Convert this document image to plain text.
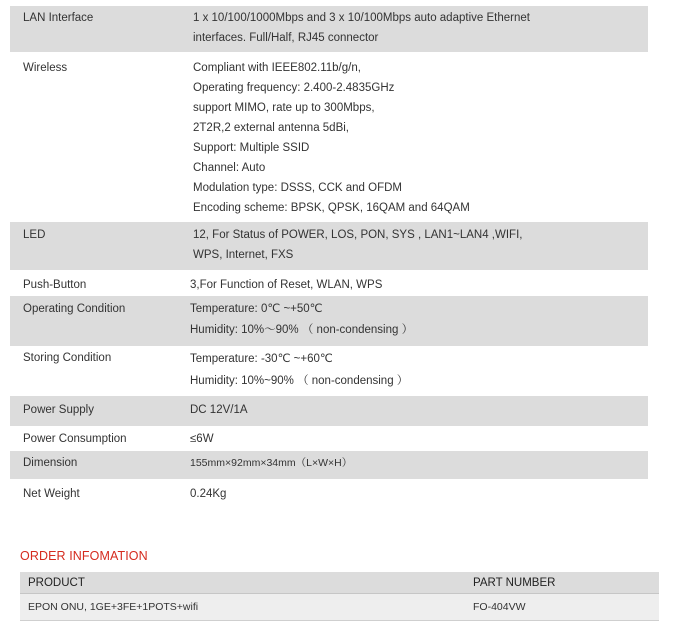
LAN Interface	1 x 10/100/1000Mbps and 3 x 10/100Mbps auto adaptive Ethernet
interfaces. Full/Half, RJ45 connector
Wireless	Compliant with IEEE802.11b/g/n,
Operating frequency: 2.400-2.4835GHz
support MIMO, rate up to 300Mbps,
2T2R,2 external antenna 5dBi,
Support: Multiple SSID
Channel: Auto
Modulation type: DSSS, CCK and OFDM
Encoding scheme: BPSK, QPSK, 16QAM and 64QAM
LED	12, For Status of POWER, LOS, PON, SYS , LAN1~LAN4 ,WIFI,
WPS, Internet, FXS
Push-Button	3,For Function of Reset, WLAN, WPS
Operating Condition	Temperature: 0℃ ~+50℃
Humidity: 10%〜90% （ non-condensing ）
Storing Condition	Temperature: -30℃ ~+60℃
Humidity: 10%~90% （ non-condensing ）
Power Supply	DC 12V/1A
Power Consumption	≤6W
Dimension	155mm×92mm×34mm（L×W×H）
Net Weight	0.24Kg
ORDER INFOMATION
PRODUCT	PART NUMBER
EPON ONU, 1GE+3FE+1POTS+wifi	FO-404VW
